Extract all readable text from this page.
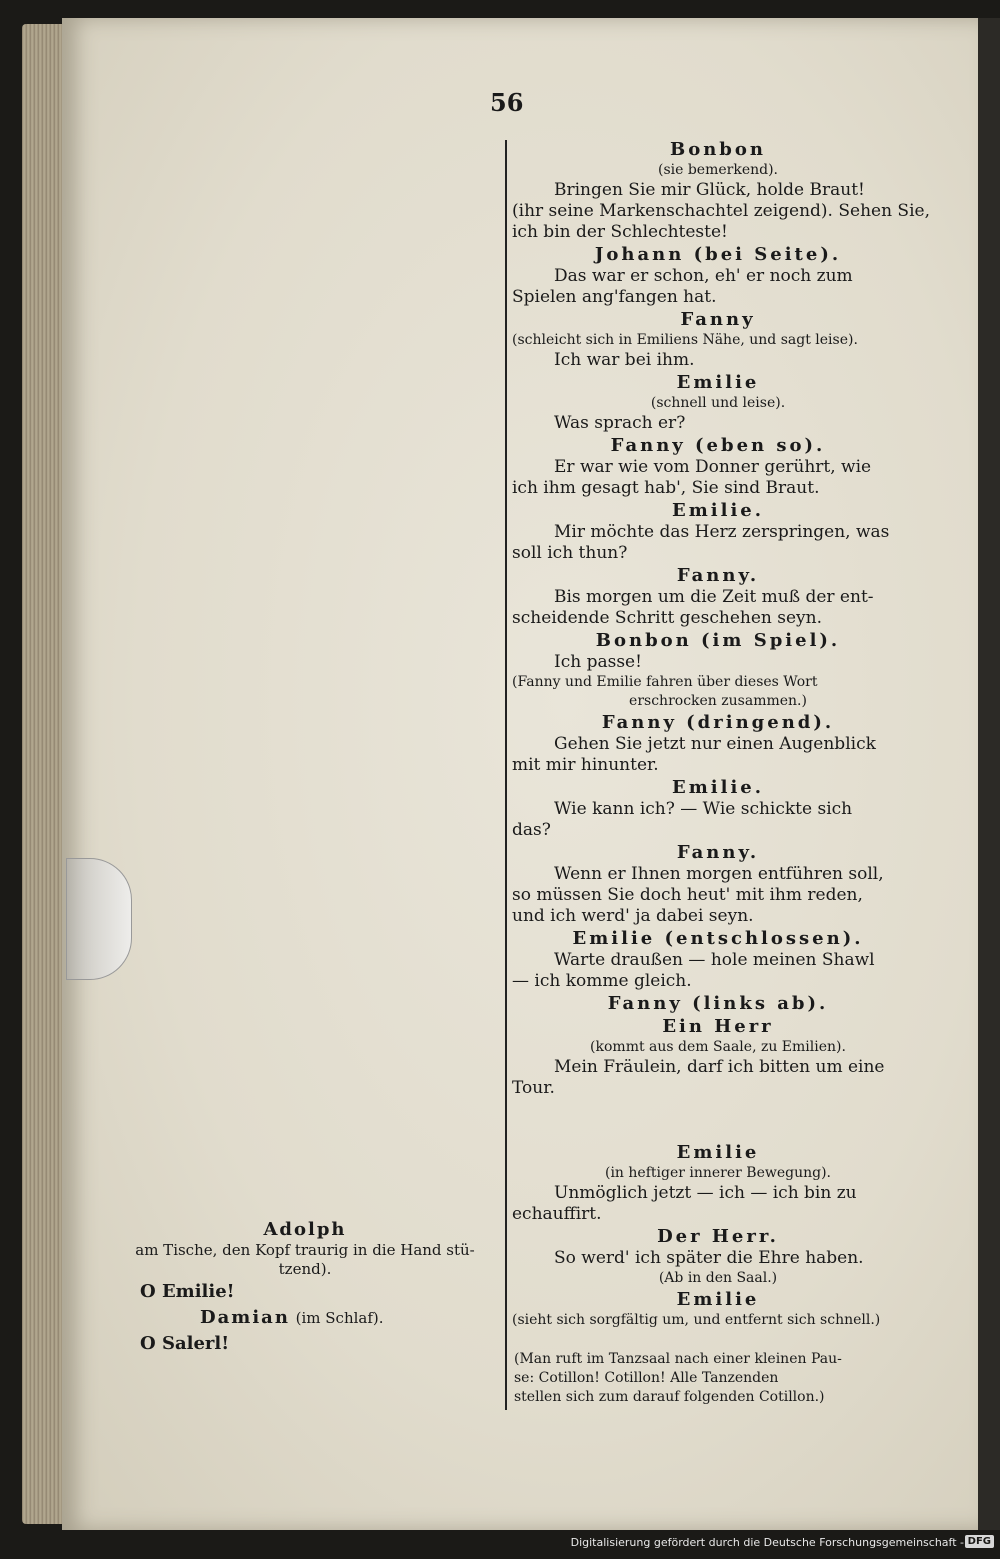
56

Bonbon

(sie bemerkend).

Bringen Sie mir Glück, holde Braut!

(ihr seine Markenschachtel zeigend). Sehen Sie,

ich bin der Schlechteste!

Johann (bei Seite).

Das war er schon, eh' er noch zum

Spielen ang'fangen hat.

Fanny

(schleicht sich in Emiliens Nähe, und sagt leise).

Ich war bei ihm.

Emilie

(schnell und leise).

Was sprach er?

Fanny (eben so).

Er war wie vom Donner gerührt, wie

ich ihm gesagt hab', Sie sind Braut.

Emilie.

Mir möchte das Herz zerspringen, was

soll ich thun?

Fanny.

Bis morgen um die Zeit muß der ent-

scheidende Schritt geschehen seyn.

Bonbon (im Spiel).

Ich passe!

(Fanny und Emilie fahren über dieses Wort

erschrocken zusammen.)

Fanny (dringend).

Gehen Sie jetzt nur einen Augenblick

mit mir hinunter.

Emilie.

Wie kann ich? — Wie schickte sich

das?

Fanny.

Wenn er Ihnen morgen entführen soll,

so müssen Sie doch heut' mit ihm reden,

und ich werd' ja dabei seyn.

Emilie (entschlossen).

Warte draußen — hole meinen Shawl

— ich komme gleich.

Fanny (links ab).

Ein Herr

(kommt aus dem Saale, zu Emilien).

Mein Fräulein, darf ich bitten um eine

Tour.

Emilie

(in heftiger innerer Bewegung).

Unmöglich jetzt — ich — ich bin zu

echauffirt.

Der Herr.

So werd' ich später die Ehre haben.

(Ab in den Saal.)

Emilie

(sieht sich sorgfältig um, und entfernt sich schnell.)

Adolph

am Tische, den Kopf traurig in die Hand stü-

tzend).

O Emilie!

Damian (im Schlaf).

O Salerl!

(Man ruft im Tanzsaal nach einer kleinen Pau-

se: Cotillon! Cotillon! Alle Tanzenden

stellen sich zum darauf folgenden Cotillon.)

Digitalisierung gefördert durch die Deutsche Forschungsgemeinschaft - DFG
